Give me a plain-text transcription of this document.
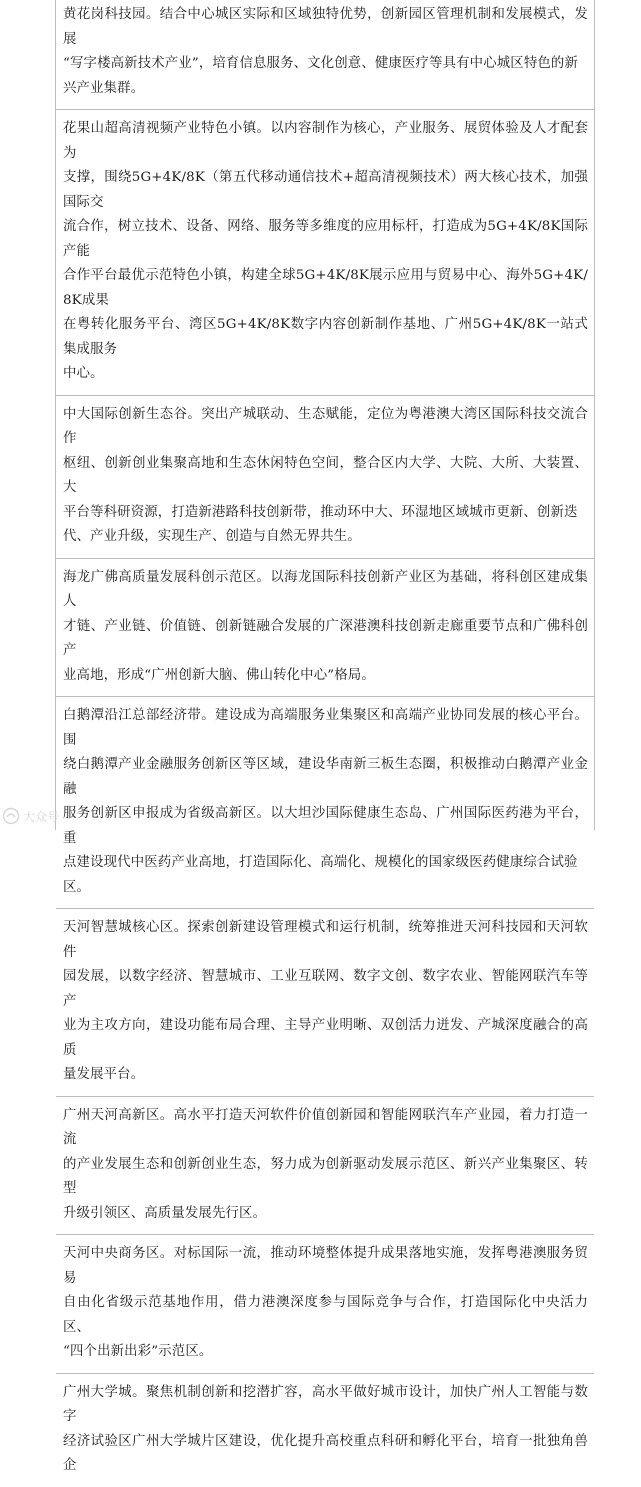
黄花岗科技园。结合中心城区实际和区域独特优势，创新园区管理机制和发展模式，发展
“写字楼高新技术产业”，培育信息服务、文化创意、健康医疗等具有中心城区特色的新
兴产业集群。

花果山超高清视频产业特色小镇。以内容制作为核心，产业服务、展贸体验及人才配套为
支撑，围绕5G+4K/8K（第五代移动通信技术+超高清视频技术）两大核心技术，加强国际交
流合作，树立技术、设备、网络、服务等多维度的应用标杆，打造成为5G+4K/8K国际产能
合作平台最优示范特色小镇，构建全球5G+4K/8K展示应用与贸易中心、海外5G+4K/8K成果
在粤转化服务平台、湾区5G+4K/8K数字内容创新制作基地、广州5G+4K/8K一站式集成服务
中心。

中大国际创新生态谷。突出产城联动、生态赋能，定位为粤港澳大湾区国际科技交流合作
枢纽、创新创业集聚高地和生态休闲特色空间，整合区内大学、大院、大所、大装置、大
平台等科研资源，打造新港路科技创新带，推动环中大、环湿地区域城市更新、创新迭
代、产业升级，实现生产、创造与自然无界共生。

海龙广佛高质量发展科创示范区。以海龙国际科技创新产业区为基础，将科创区建成集人
才链、产业链、价值链、创新链融合发展的广深港澳科技创新走廊重要节点和广佛科创产
业高地，形成“广州创新大脑、佛山转化中心”格局。

白鹅潭沿江总部经济带。建设成为高端服务业集聚区和高端产业协同发展的核心平台。围
绕白鹅潭产业金融服务创新区等区域，建设华南新三板生态圈，积极推动白鹅潭产业金融
服务创新区申报成为省级高新区。以大坦沙国际健康生态岛、广州国际医药港为平台，重
点建设现代中医药产业高地，打造国际化、高端化、规模化的国家级医药健康综合试验
区。

天河智慧城核心区。探索创新建设管理模式和运行机制，统筹推进天河科技园和天河软件
园发展，以数字经济、智慧城市、工业互联网、数字文创、数字农业、智能网联汽车等产
业为主攻方向，建设功能布局合理、主导产业明晰、双创活力迸发、产城深度融合的高质
量发展平台。

广州天河高新区。高水平打造天河软件价值创新园和智能网联汽车产业园，着力打造一流
的产业发展生态和创新创业生态，努力成为创新驱动发展示范区、新兴产业集聚区、转型
升级引领区、高质量发展先行区。

天河中央商务区。对标国际一流，推动环境整体提升成果落地实施，发挥粤港澳服务贸易
自由化省级示范基地作用，借力港澳深度参与国际竞争与合作，打造国际化中央活力区、
“四个出新出彩”示范区。

广州大学城。聚焦机制创新和挖潜扩容，高水平做好城市设计，加快广州人工智能与数字
经济试验区广州大学城片区建设，优化提升高校重点科研和孵化平台，培育一批独角兽企

大众号
